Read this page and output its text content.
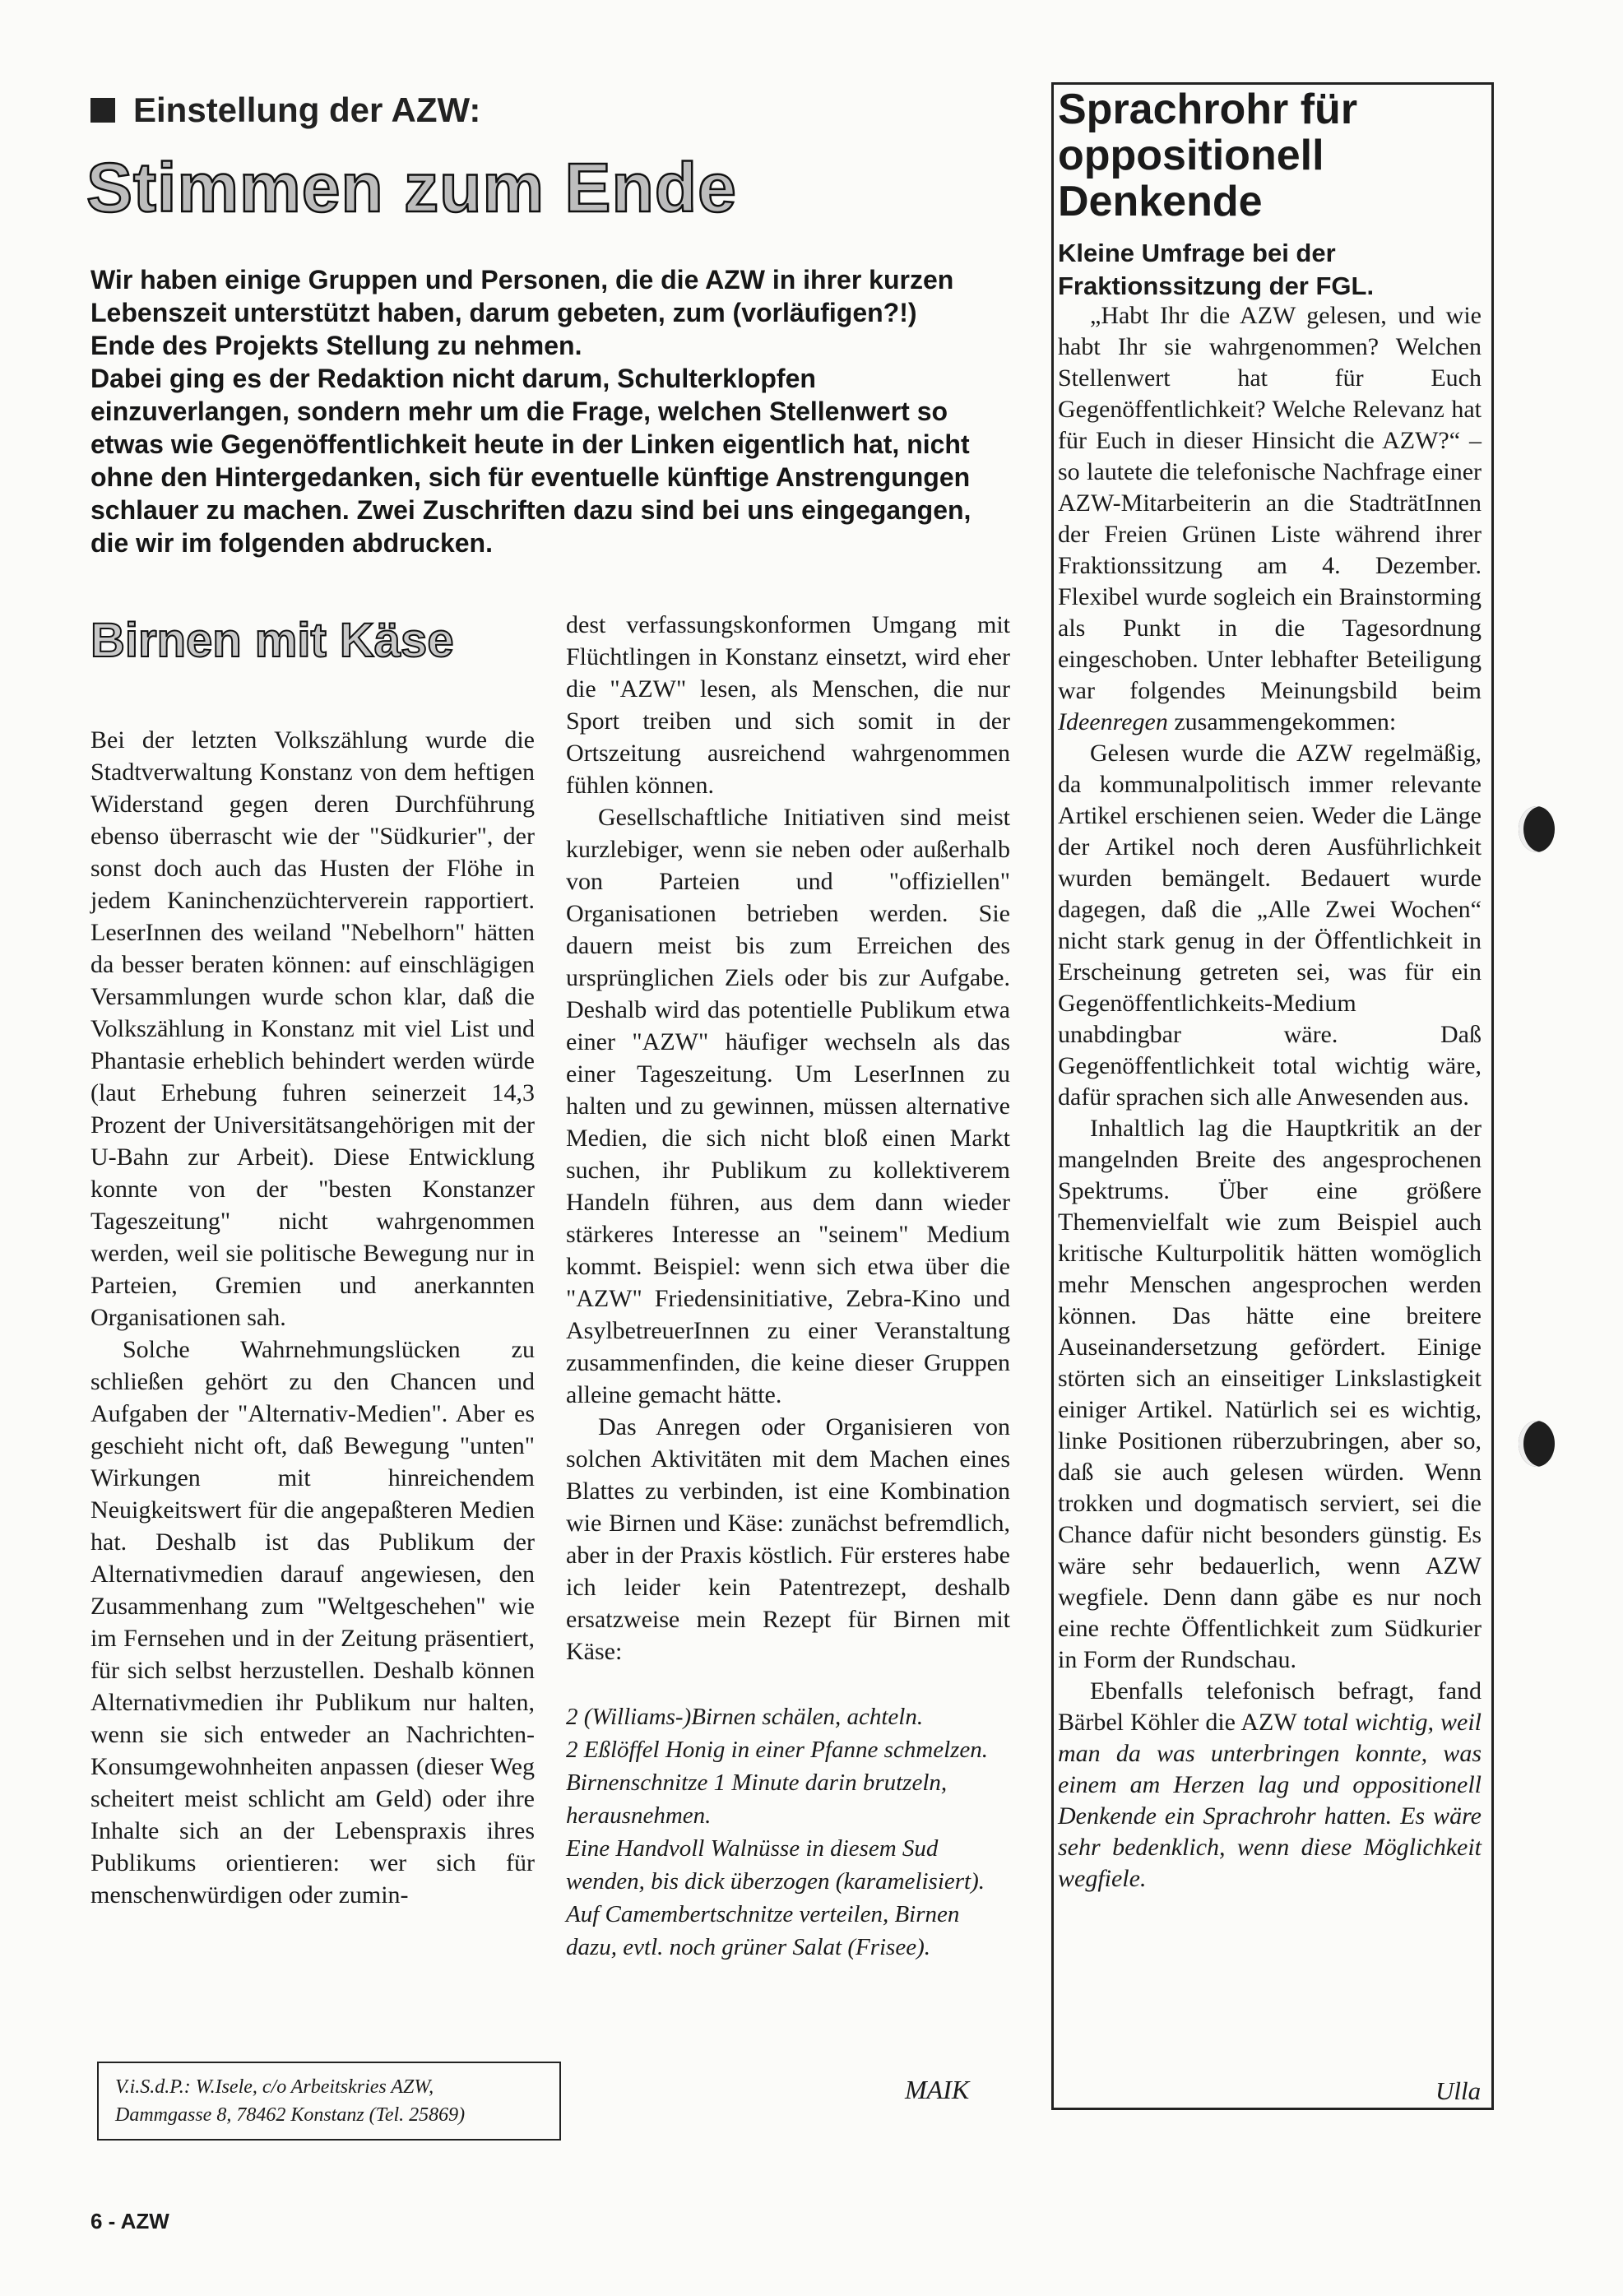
Einstellung der AZW:
Stimmen zum Ende

Wir haben einige Gruppen und Personen, die die AZW in ihrer kurzen Lebenszeit unterstützt haben, darum gebeten, zum (vorläufigen?!) Ende des Projekts Stellung zu nehmen.

Dabei ging es der Redaktion nicht darum, Schulterklopfen einzuverlangen, sondern mehr um die Frage, welchen Stellenwert so etwas wie Gegenöffentlichkeit heute in der Linken eigentlich hat, nicht ohne den Hintergedanken, sich für eventuelle künftige Anstrengungen schlauer zu machen. Zwei Zuschriften dazu sind bei uns eingegangen, die wir im folgenden abdrucken.

Birnen mit Käse

Bei der letzten Volkszählung wurde die Stadtverwaltung Konstanz von dem heftigen Widerstand gegen deren Durchführung ebenso überrascht wie der "Südkurier", der sonst doch auch das Husten der Flöhe in jedem Kaninchenzüchterverein rapportiert. LeserInnen des weiland "Nebelhorn" hätten da besser beraten können: auf einschlägigen Versammlungen wurde schon klar, daß die Volkszählung in Konstanz mit viel List und Phantasie erheblich behindert werden würde (laut Erhebung fuhren seinerzeit 14,3 Prozent der Universitätsangehörigen mit der U-Bahn zur Arbeit). Diese Entwicklung konnte von der "besten Konstanzer Tageszeitung" nicht wahrgenommen werden, weil sie politische Bewegung nur in Parteien, Gremien und anerkannten Organisationen sah.

Solche Wahrnehmungslücken zu schließen gehört zu den Chancen und Aufgaben der "Alternativ-Medien". Aber es geschieht nicht oft, daß Bewegung "unten" Wirkungen mit hinreichendem Neuigkeitswert für die angepaßteren Medien hat. Deshalb ist das Publikum der Alternativmedien darauf angewiesen, den Zusammenhang zum "Weltgeschehen" wie im Fernsehen und in der Zeitung präsentiert, für sich selbst herzustellen. Deshalb können Alternativmedien ihr Publikum nur halten, wenn sie sich entweder an Nachrichten-Konsumgewohnheiten anpassen (dieser Weg scheitert meist schlicht am Geld) oder ihre Inhalte sich an der Lebenspraxis ihres Publikums orientieren: wer sich für menschenwürdigen oder zumin-

dest verfassungskonformen Umgang mit Flüchtlingen in Konstanz einsetzt, wird eher die "AZW" lesen, als Menschen, die nur Sport treiben und sich somit in der Ortszeitung ausreichend wahrgenommen fühlen können.

Gesellschaftliche Initiativen sind meist kurzlebiger, wenn sie neben oder außerhalb von Parteien und "offiziellen" Organisationen betrieben werden. Sie dauern meist bis zum Erreichen des ursprünglichen Ziels oder bis zur Aufgabe. Deshalb wird das potentielle Publikum etwa einer "AZW" häufiger wechseln als das einer Tageszeitung. Um LeserInnen zu halten und zu gewinnen, müssen alternative Medien, die sich nicht bloß einen Markt suchen, ihr Publikum zu kollektiverem Handeln führen, aus dem dann wieder stärkeres Interesse an "seinem" Medium kommt. Beispiel: wenn sich etwa über die "AZW" Friedensinitiative, Zebra-Kino und AsylbetreuerInnen zu einer Veranstaltung zusammenfinden, die keine dieser Gruppen alleine gemacht hätte.

Das Anregen oder Organisieren von solchen Aktivitäten mit dem Machen eines Blattes zu verbinden, ist eine Kombination wie Birnen und Käse: zunächst befremdlich, aber in der Praxis köstlich. Für ersteres habe ich leider kein Patentrezept, deshalb ersatzweise mein Rezept für Birnen mit Käse:

2 (Williams-)Birnen schälen, achteln.
2 Eßlöffel Honig in einer Pfanne schmelzen. Birnenschnitze 1 Minute darin brutzeln, herausnehmen.
Eine Handvoll Walnüsse in diesem Sud wenden, bis dick überzogen (karamelisiert).
Auf Camembertschnitze verteilen, Birnen dazu, evtl. noch grüner Salat (Frisee).
MAIK
V.i.S.d.P.: W.Isele, c/o Arbeitskries AZW,
Dammgasse 8, 78462 Konstanz (Tel. 25869)
6 - AZW
Sprachrohr für oppositionell Denkende
Kleine Umfrage bei der Fraktionssitzung der FGL.

„Habt Ihr die AZW gelesen, und wie habt Ihr sie wahrgenommen? Welchen Stellenwert hat für Euch Gegenöffentlichkeit? Welche Relevanz hat für Euch in dieser Hinsicht die AZW?“ – so lautete die telefonische Nachfrage einer AZW-Mitarbeiterin an die StadträtInnen der Freien Grünen Liste während ihrer Fraktionssitzung am 4. Dezember. Flexibel wurde sogleich ein Brainstorming als Punkt in die Tagesordnung eingeschoben. Unter lebhafter Beteiligung war folgendes Meinungsbild beim Ideenregen zusammengekommen:

Gelesen wurde die AZW regelmäßig, da kommunalpolitisch immer relevante Artikel erschienen seien. Weder die Länge der Artikel noch deren Ausführlichkeit wurden bemängelt. Bedauert wurde dagegen, daß die „Alle Zwei Wochen“ nicht stark genug in der Öffentlichkeit in Erscheinung getreten sei, was für ein Gegenöffentlichkeits-Medium unabdingbar wäre. Daß Gegenöffentlichkeit total wichtig wäre, dafür sprachen sich alle Anwesenden aus.

Inhaltlich lag die Hauptkritik an der mangelnden Breite des angesprochenen Spektrums. Über eine größere Themenvielfalt wie zum Beispiel auch kritische Kulturpolitik hätten womöglich mehr Menschen angesprochen werden können. Das hätte eine breitere Auseinandersetzung gefördert. Einige störten sich an einseitiger Linkslastigkeit einiger Artikel. Natürlich sei es wichtig, linke Positionen rüberzubringen, aber so, daß sie auch gelesen würden. Wenn trokken und dogmatisch serviert, sei die Chance dafür nicht besonders günstig. Es wäre sehr bedauerlich, wenn AZW wegfiele. Denn dann gäbe es nur noch eine rechte Öffentlichkeit zum Südkurier in Form der Rundschau.

Ebenfalls telefonisch befragt, fand Bärbel Köhler die AZW total wichtig, weil man da was unterbringen konnte, was einem am Herzen lag und oppositionell Denkende ein Sprachrohr hatten. Es wäre sehr bedenklich, wenn diese Möglichkeit wegfiele.

Ulla
